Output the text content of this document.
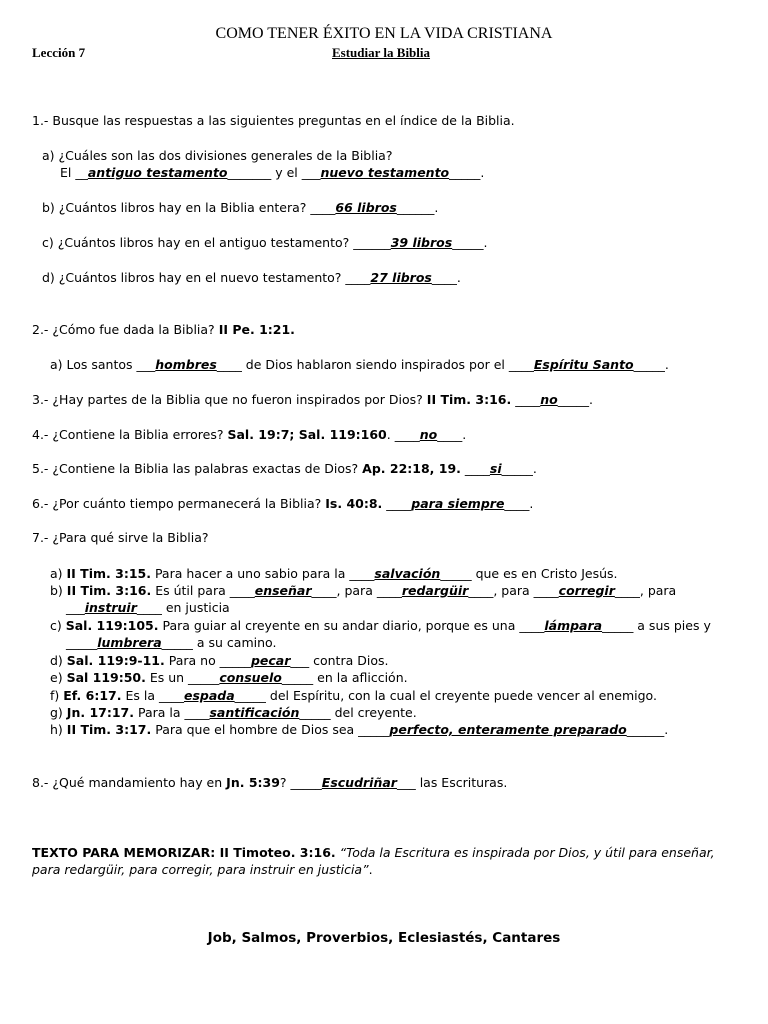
COMO TENER ÉXITO EN LA VIDA CRISTIANA
Lección 7	Estudiar la Biblia
1.- Busque las respuestas a las siguientes preguntas en el índice de la Biblia.
a) ¿Cuáles son las dos divisiones generales de la Biblia?
El __antiguo testamento_______ y el ___nuevo testamento_____.
b) ¿Cuántos libros hay en la Biblia entera? ____66 libros______.
c) ¿Cuántos libros hay en el antiguo testamento? ______39 libros_____.
d) ¿Cuántos libros hay en el nuevo testamento? ____27 libros____.
2.- ¿Cómo fue dada la Biblia? II Pe. 1:21.
a) Los santos ___hombres____ de Dios hablaron siendo inspirados por el ____Espíritu Santo_____.
3.- ¿Hay partes de la Biblia que no fueron inspirados por Dios? II Tim. 3:16. ____no_____.
4.- ¿Contiene la Biblia errores? Sal. 19:7; Sal. 119:160. ____no____.
5.- ¿Contiene la Biblia las palabras exactas de Dios? Ap. 22:18, 19. ____si_____.
6.- ¿Por cuánto tiempo permanecerá la Biblia? Is. 40:8. ____para siempre____.
7.- ¿Para qué sirve la Biblia?
a) II Tim. 3:15. Para hacer a uno sabio para la ____salvación_____ que es en Cristo Jesús.
b) II Tim. 3:16. Es útil para ____enseñar____, para ____redargüir____, para ____corregir____, para
___instruir____ en justicia
c) Sal. 119:105. Para guiar al creyente en su andar diario, porque es una ____lámpara_____ a sus pies y
_____lumbrera_____ a su camino.
d) Sal. 119:9-11. Para no _____pecar___ contra Dios.
e) Sal 119:50. Es un _____consuelo_____ en la aflicción.
f) Ef. 6:17. Es la ____espada_____ del Espíritu, con la cual el creyente puede vencer al enemigo.
g) Jn. 17:17. Para la ____santificación_____ del creyente.
h) II Tim. 3:17. Para que el hombre de Dios sea _____perfecto, enteramente preparado______.
8.- ¿Qué mandamiento hay en Jn. 5:39? _____Escudriñar___ las Escrituras.
TEXTO PARA MEMORIZAR: II Timoteo. 3:16. “Toda la Escritura es inspirada por Dios, y útil para enseñar, para redargüir, para corregir, para instruir en justicia”.
Job, Salmos, Proverbios, Eclesiastés, Cantares
